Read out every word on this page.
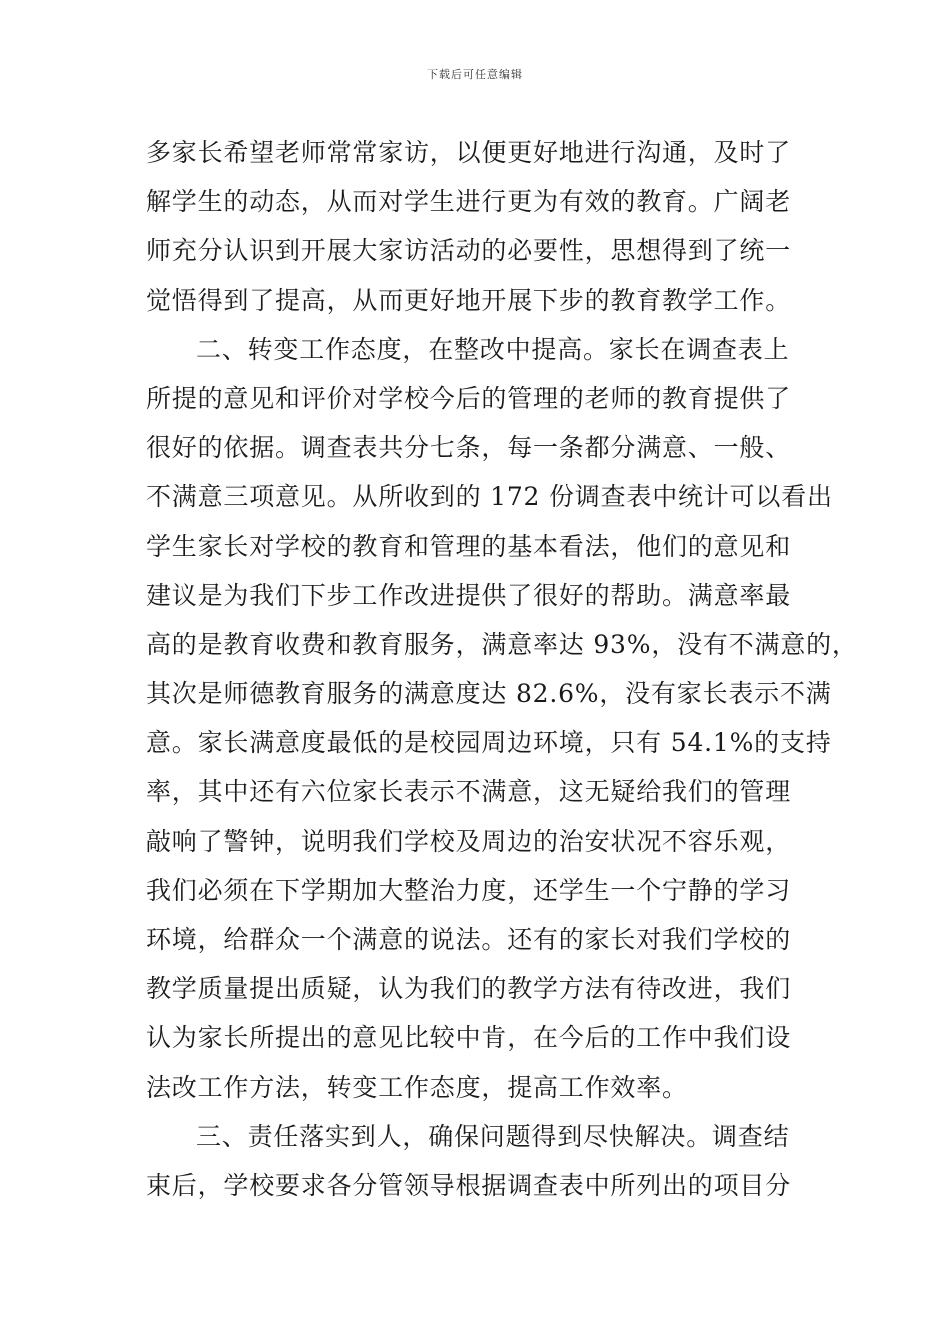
下载后可任意编辑
多家长希望老师常常家访，以便更好地进行沟通，及时了
解学生的动态，从而对学生进行更为有效的教育。广阔老
师充分认识到开展大家访活动的必要性，思想得到了统一
觉悟得到了提高，从而更好地开展下步的教育教学工作。
二、转变工作态度，在整改中提高。家长在调查表上
所提的意见和评价对学校今后的管理的老师的教育提供了
很好的依据。调查表共分七条，每一条都分满意、一般、
不满意三项意见。从所收到的 172 份调查表中统计可以看出
学生家长对学校的教育和管理的基本看法，他们的意见和
建议是为我们下步工作改进提供了很好的帮助。满意率最
高的是教育收费和教育服务，满意率达 93%，没有不满意的，
其次是师德教育服务的满意度达 82.6%，没有家长表示不满
意。家长满意度最低的是校园周边环境，只有 54.1%的支持
率，其中还有六位家长表示不满意，这无疑给我们的管理
敲响了警钟，说明我们学校及周边的治安状况不容乐观，
我们必须在下学期加大整治力度，还学生一个宁静的学习
环境，给群众一个满意的说法。还有的家长对我们学校的
教学质量提出质疑，认为我们的教学方法有待改进，我们
认为家长所提出的意见比较中肯，在今后的工作中我们设
法改工作方法，转变工作态度，提高工作效率。
三、责任落实到人，确保问题得到尽快解决。调查结
束后，学校要求各分管领导根据调查表中所列出的项目分
